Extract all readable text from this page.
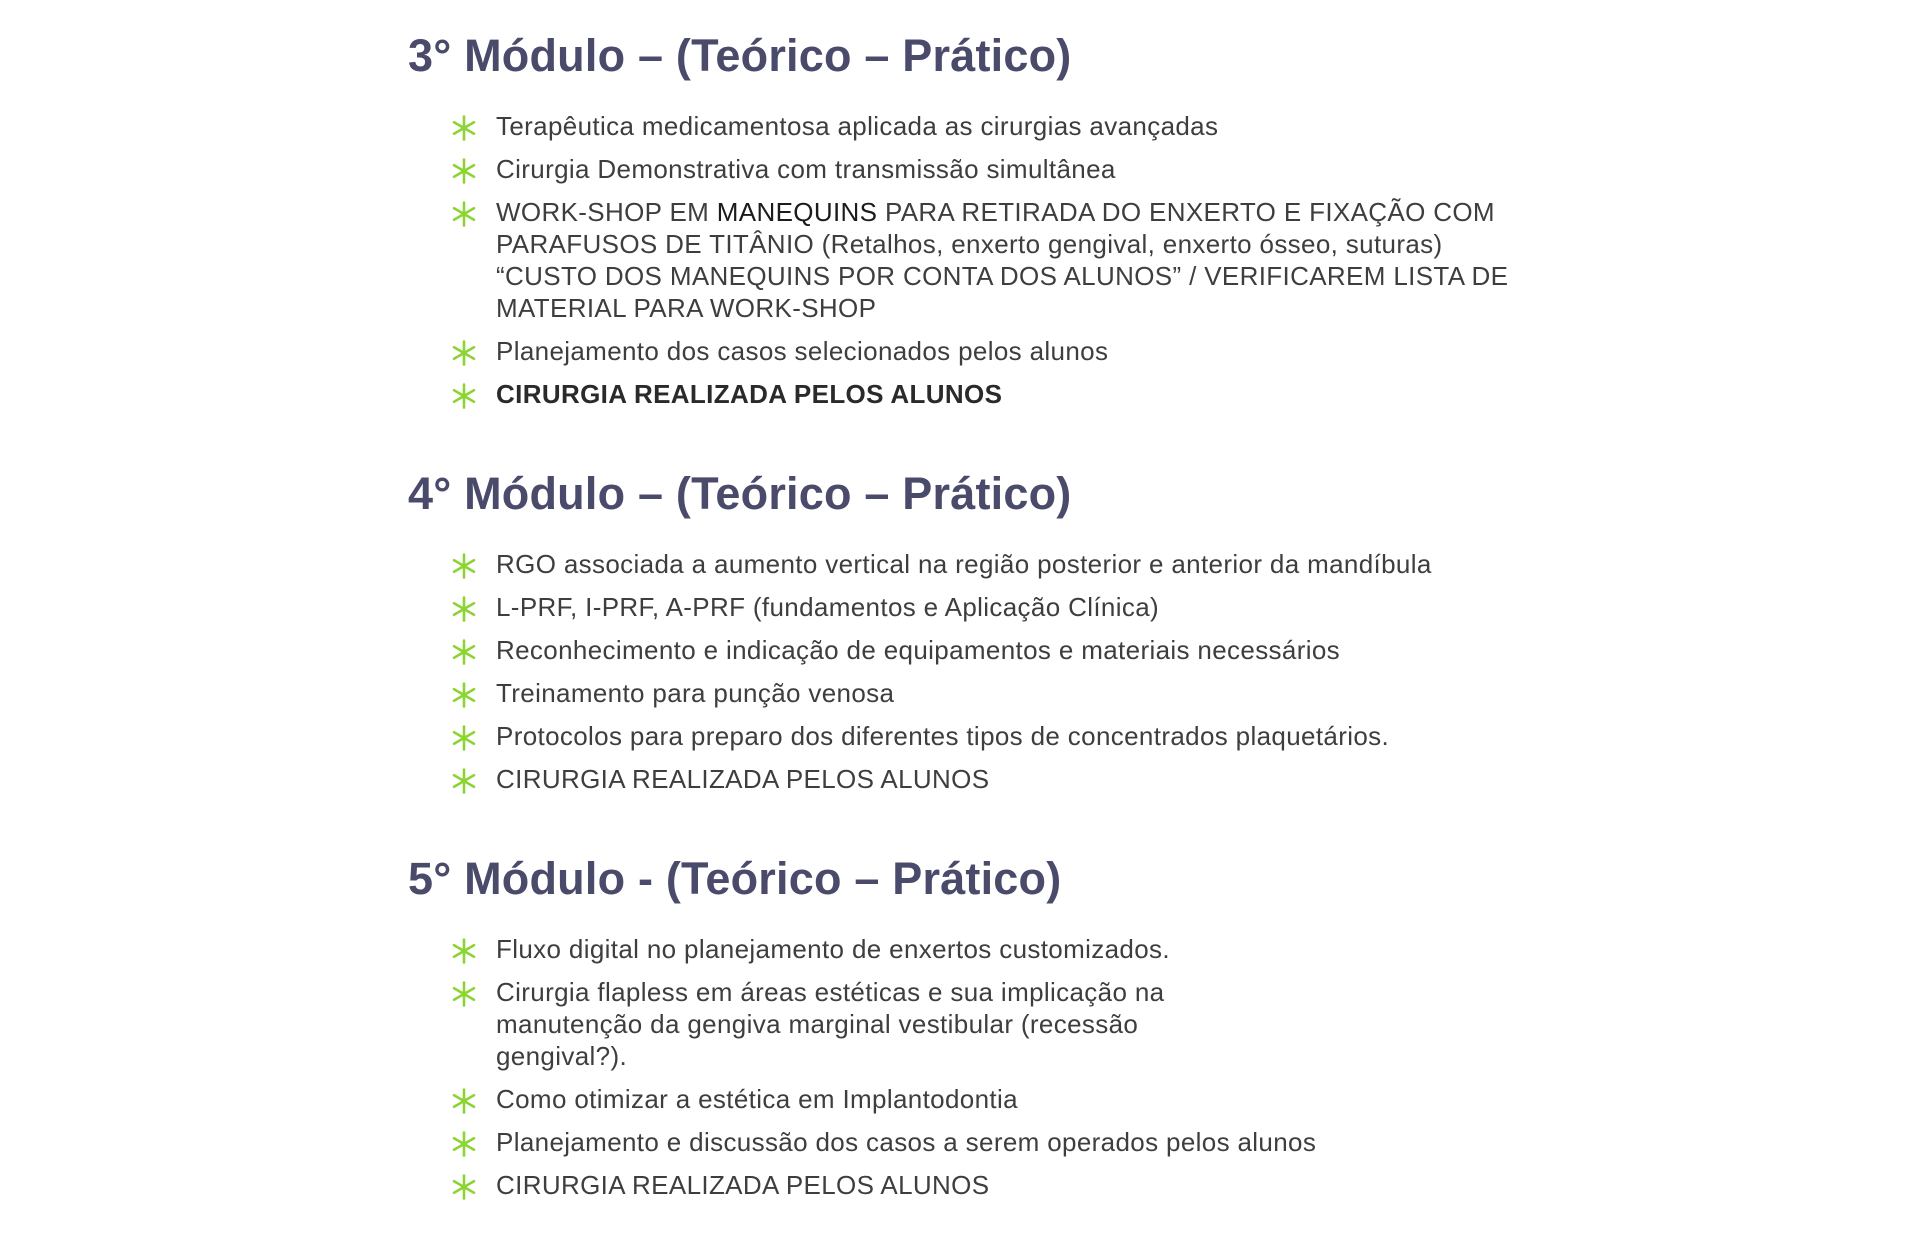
3° Módulo – (Teórico – Prático)
Terapêutica medicamentosa aplicada as cirurgias avançadas
Cirurgia Demonstrativa com transmissão simultânea
WORK-SHOP EM MANEQUINS PARA RETIRADA DO ENXERTO E FIXAÇÃO COM PARAFUSOS DE TITÂNIO (Retalhos, enxerto gengival, enxerto ósseo, suturas) “CUSTO DOS MANEQUINS POR CONTA DOS ALUNOS” / VERIFICAREM LISTA DE MATERIAL PARA WORK-SHOP
Planejamento dos casos selecionados pelos alunos
CIRURGIA REALIZADA PELOS ALUNOS
4° Módulo – (Teórico – Prático)
RGO associada a aumento vertical na região posterior e anterior da mandíbula
L-PRF, I-PRF, A-PRF (fundamentos e Aplicação Clínica)
Reconhecimento e indicação de equipamentos e materiais necessários
Treinamento para punção venosa
Protocolos para preparo dos diferentes tipos de concentrados plaquetários.
CIRURGIA REALIZADA PELOS ALUNOS
5° Módulo - (Teórico – Prático)
Fluxo digital no planejamento de enxertos customizados.
Cirurgia flapless em áreas estéticas e sua implicação na manutenção da gengiva marginal vestibular (recessão gengival?).
Como otimizar a estética em Implantodontia
Planejamento e discussão dos casos a serem operados pelos alunos
CIRURGIA REALIZADA PELOS ALUNOS
